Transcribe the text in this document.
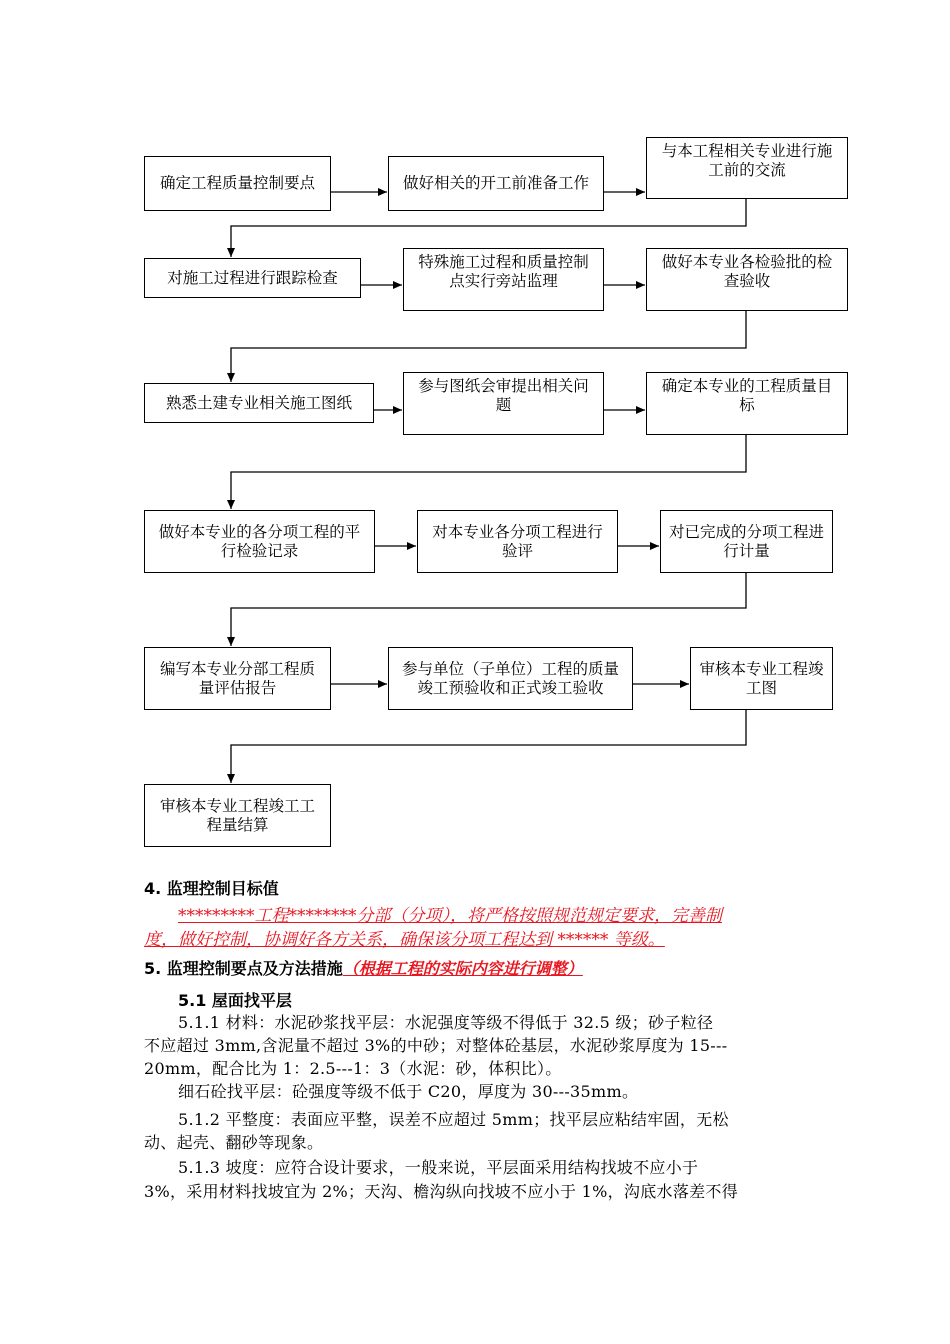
确定工程质量控制要点	做好相关的开工前准备工作
与本工程相关专业进行施工前的交流
对施工过程进行跟踪检查
特殊施工过程和质量控制点实行旁站监理
做好本专业各检验批的检查验收
熟悉土建专业相关施工图纸
参与图纸会审提出相关问题
确定本专业的工程质量目标
做好本专业的各分项工程的平行检验记录
对本专业各分项工程进行验评
对已完成的分项工程进行计量
编写本专业分部工程质量评估报告
参与单位（子单位）工程的质量竣工预验收和正式竣工验收
审核本专业工程竣工图
审核本专业工程竣工工程量结算
4. 监理控制目标值
*********工程********分部（分项），将严格按照规范规定要求，完善制
度，做好控制，协调好各方关系，确保该分项工程达到 ****** 等级。
5. 监理控制要点及方法措施（根据工程的实际内容进行调整）
5.1 屋面找平层
5.1.1 材料：水泥砂浆找平层：水泥强度等级不得低于 32.5 级；砂子粒径
不应超过 3mm,含泥量不超过 3%的中砂；对整体砼基层，水泥砂浆厚度为 15---
20mm，配合比为 1：2.5---1：3（水泥：砂，体积比）。
细石砼找平层：砼强度等级不低于 C20，厚度为 30---35mm。
5.1.2 平整度：表面应平整，误差不应超过 5mm；找平层应粘结牢固，无松
动、起壳、翻砂等现象。
5.1.3 坡度：应符合设计要求，一般来说，平层面采用结构找坡不应小于
3%，采用材料找坡宜为 2%；天沟、檐沟纵向找坡不应小于 1%，沟底水落差不得
